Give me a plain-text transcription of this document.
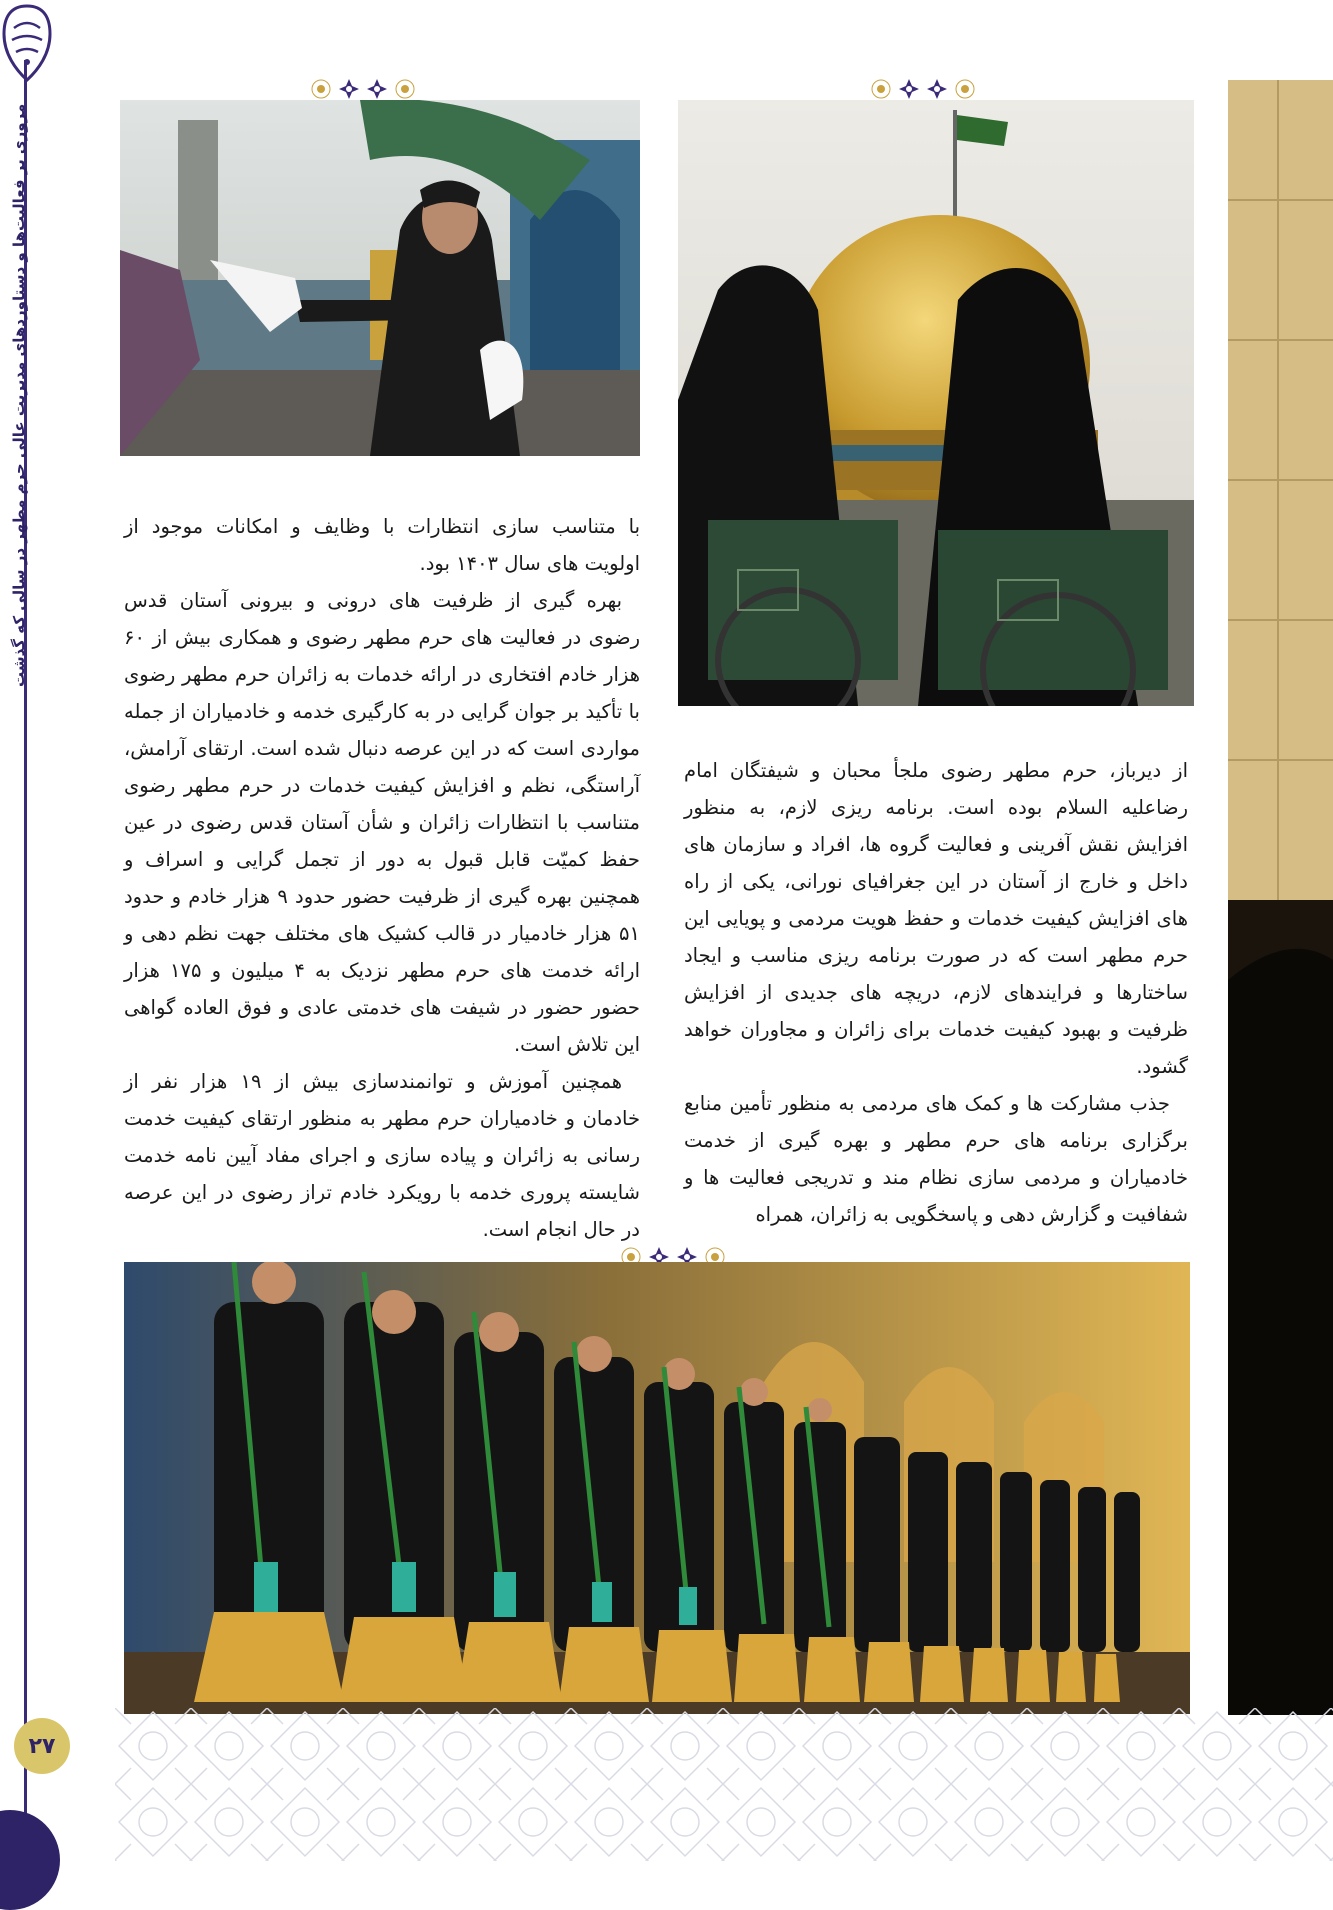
مروری بر فعالیت‌ها و دستاوردهای مدیریت عالی حرم مطهر در سالی که گذشت

از دیرباز، حرم مطهر رضوی ملجأ محبان و شیفتگان امام رضاعلیه السلام بوده است. برنامه ریزی لازم، به منظور افزایش نقش آفرینی و فعالیت گروه ها، افراد و سازمان های داخل و خارج از آستان در این جغرافیای نورانی، یکی از راه های افزایش کیفیت خدمات و حفظ هویت مردمی و پویایی این حرم مطهر است که در صورت برنامه ریزی مناسب و ایجاد ساختارها و فرایندهای لازم، دریچه های جدیدی از افزایش ظرفیت و بهبود کیفیت خدمات برای زائران و مجاوران خواهد گشود.

جذب مشارکت ها و کمک های مردمی به منظور تأمین منابع برگزاری برنامه های حرم مطهر و بهره گیری از خدمت خادمیاران و مردمی سازی نظام مند و تدریجی فعالیت ها و شفافیت و گزارش دهی و پاسخگویی به زائران، همراه

با متناسب سازی انتظارات با وظایف و امکانات موجود از اولویت های سال ۱۴۰۳ بود.

بهره گیری از ظرفیت های درونی و بیرونی آستان قدس رضوی در فعالیت های حرم مطهر رضوی و همکاری بیش از ۶۰ هزار خادم افتخاری در ارائه خدمات به زائران حرم مطهر رضوی با تأکید بر جوان گرایی در به کارگیری خدمه و خادمیاران از جمله مواردی است که در این عرصه دنبال شده است. ارتقای آرامش، آراستگی، نظم و افزایش کیفیت خدمات در حرم مطهر رضوی متناسب با انتظارات زائران و شأن آستان قدس رضوی در عین حفظ کمیّت قابل قبول به دور از تجمل گرایی و اسراف و همچنین بهره گیری از ظرفیت حضور حدود ۹ هزار خادم و حدود ۵۱ هزار خادمیار در قالب کشیک های مختلف جهت نظم دهی و ارائه خدمت های حرم مطهر نزدیک به ۴ میلیون و ۱۷۵ هزار حضور حضور در شیفت های خدمتی عادی و فوق العاده گواهی این تلاش است.

همچنین آموزش و توانمندسازی بیش از ۱۹ هزار نفر از خادمان و خادمیاران حرم مطهر به منظور ارتقای کیفیت خدمت رسانی به زائران و پیاده سازی و اجرای مفاد آیین نامه خدمت شایسته پروری خدمه با رویکرد خادم تراز رضوی در این عرصه در حال انجام است.

۲۷
